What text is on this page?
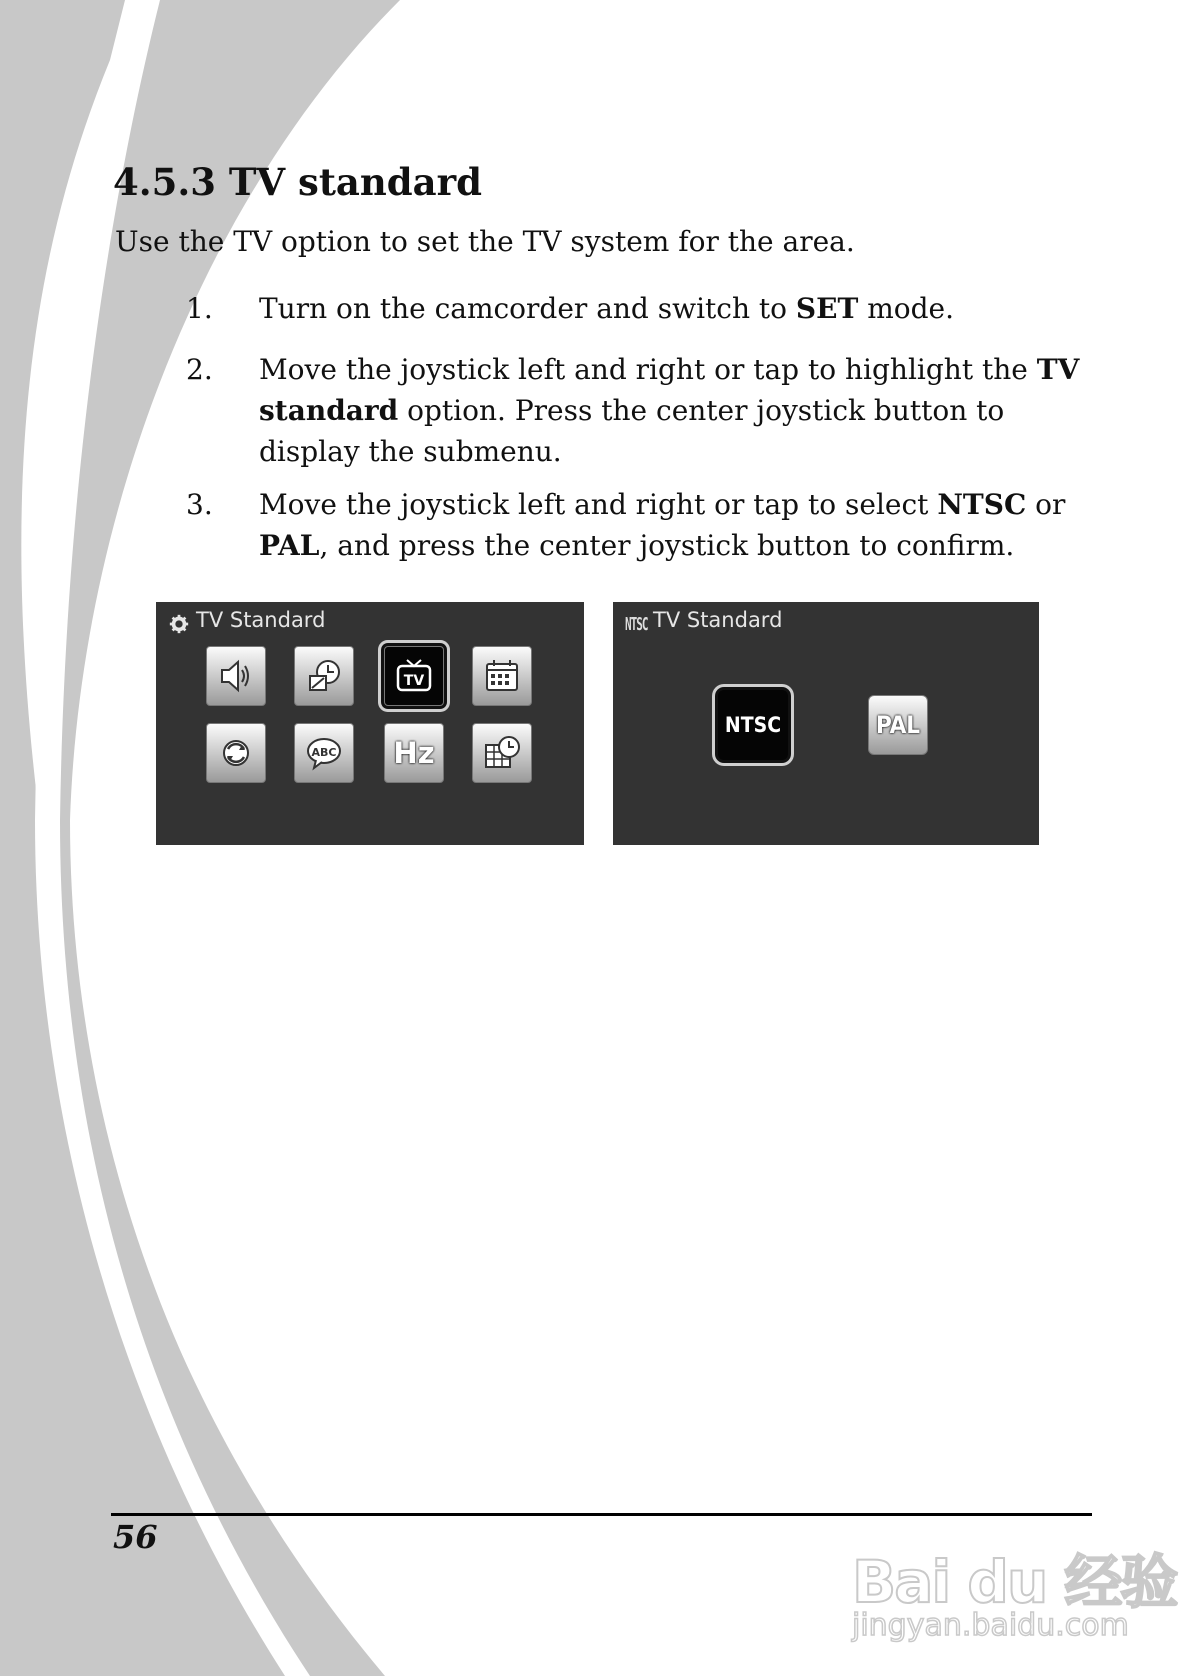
4.5.3 TV standard
Use the TV option to set the TV system for the area.
1. Turn on the camcorder and switch to SET mode.
2. Move the joystick left and right or tap to highlight the TV standard option. Press the center joystick button to display the submenu.
3. Move the joystick left and right or tap to select NTSC or PAL, and press the center joystick button to confirm.
TV Standard
TV
ABC Hz
NTSC TV Standard
NTSC	PAL
56
Bai du 经验
jingyan.baidu.com
